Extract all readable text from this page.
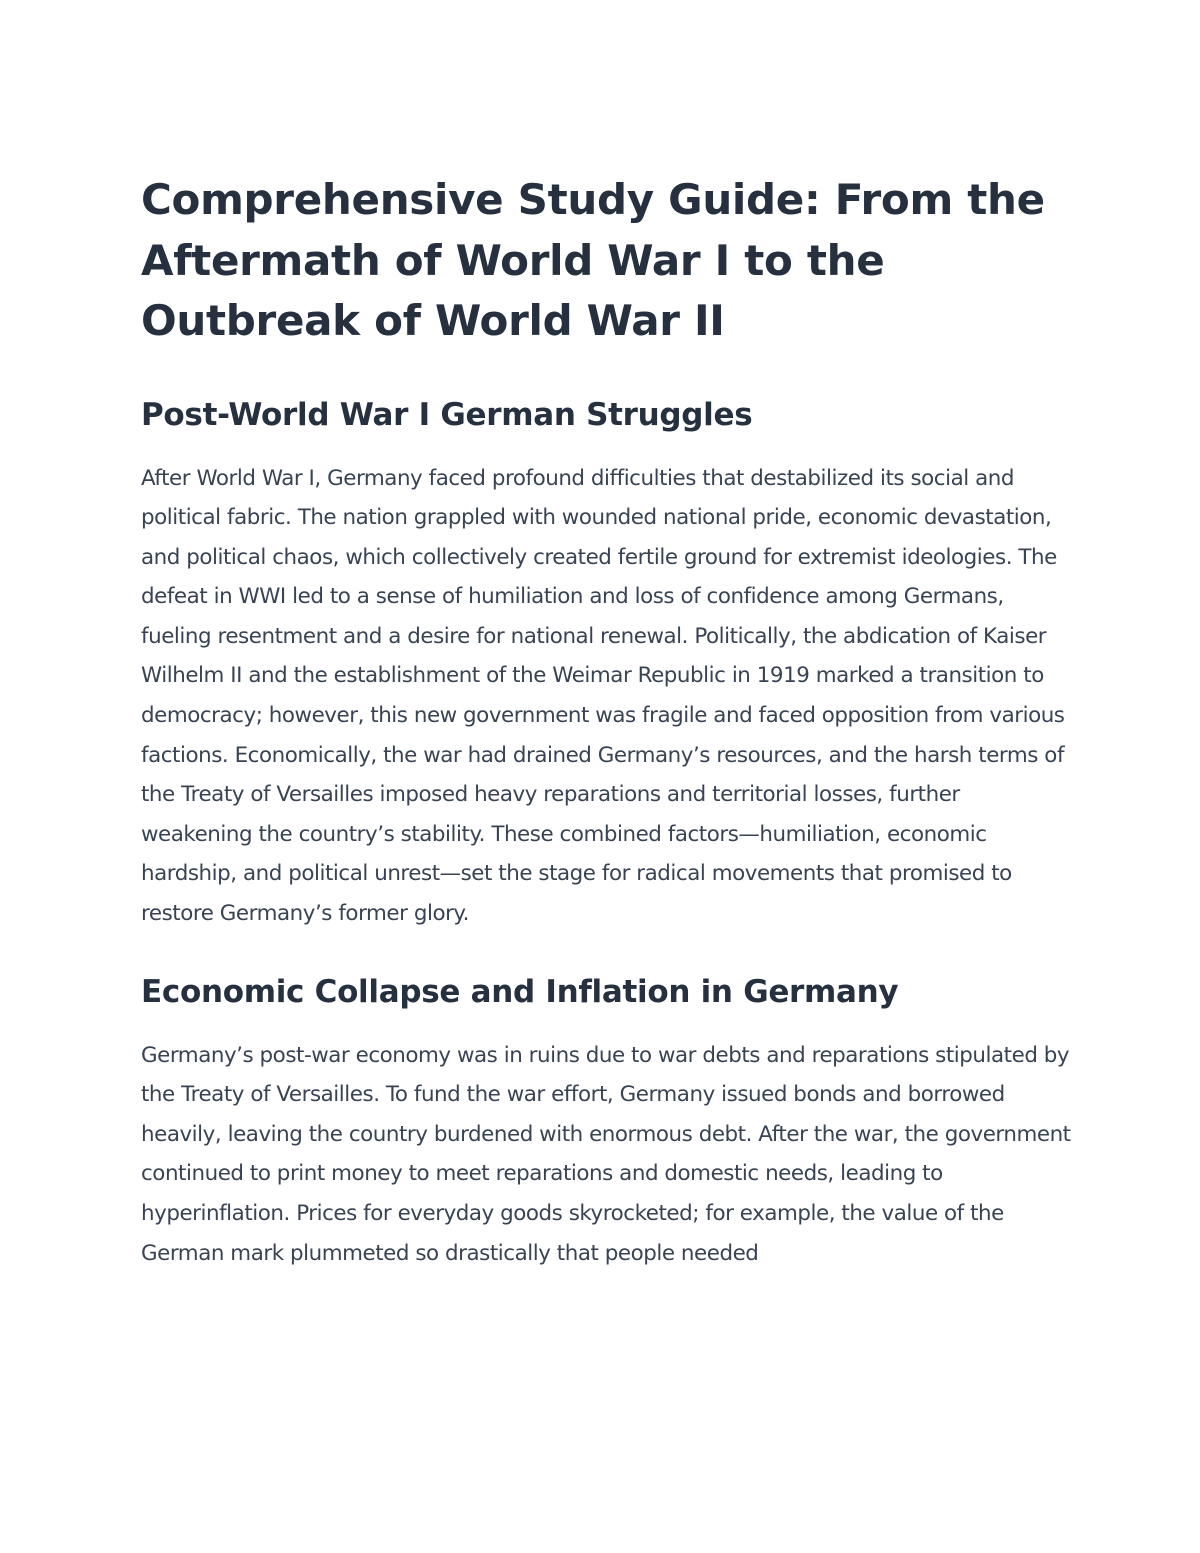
Comprehensive Study Guide: From the Aftermath of World War I to the Outbreak of World War II
Post-World War I German Struggles

After World War I, Germany faced profound difficulties that destabilized its social and political fabric. The nation grappled with wounded national pride, economic devastation, and political chaos, which collectively created fertile ground for extremist ideologies. The defeat in WWI led to a sense of humiliation and loss of confidence among Germans, fueling resentment and a desire for national renewal. Politically, the abdication of Kaiser Wilhelm II and the establishment of the Weimar Republic in 1919 marked a transition to democracy; however, this new government was fragile and faced opposition from various factions. Economically, the war had drained Germany’s resources, and the harsh terms of the Treaty of Versailles imposed heavy reparations and territorial losses, further weakening the country’s stability. These combined factors—humiliation, economic hardship, and political unrest—set the stage for radical movements that promised to restore Germany’s former glory.

Economic Collapse and Inflation in Germany

Germany’s post-war economy was in ruins due to war debts and reparations stipulated by the Treaty of Versailles. To fund the war effort, Germany issued bonds and borrowed heavily, leaving the country burdened with enormous debt. After the war, the government continued to print money to meet reparations and domestic needs, leading to hyperinflation. Prices for everyday goods skyrocketed; for example, the value of the German mark plummeted so drastically that people needed
